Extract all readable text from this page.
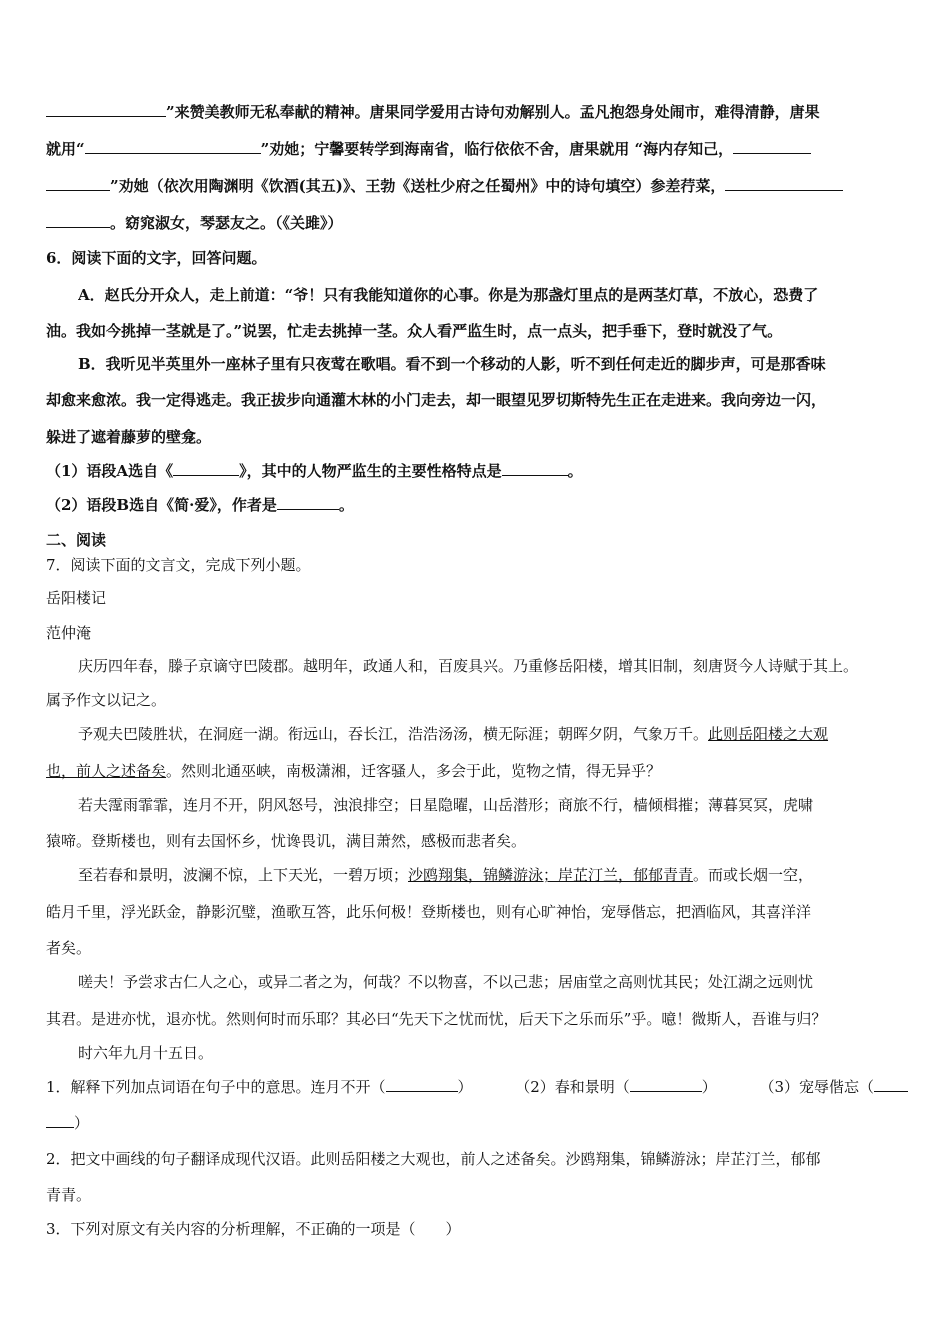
”来赞美教师无私奉献的精神。唐果同学爱用古诗句劝解别人。孟凡抱怨身处闹市，难得清静，唐果
就用“	”劝她；宁馨要转学到海南省，临行依依不舍，唐果就用 “海内存知己，
”劝她（依次用陶渊明《饮酒(其五)》、王勃《送杜少府之任蜀州》中的诗句填空）参差荇菜，
。窈窕淑女，琴瑟友之。（《关雎》）
6．阅读下面的文字，回答问题。
A．赵氏分开众人，走上前道：“爷！只有我能知道你的心事。你是为那盏灯里点的是两茎灯草，不放心，恐费了
油。我如今挑掉一茎就是了。”说罢，忙走去挑掉一茎。众人看严监生时，点一点头，把手垂下，登时就没了气。
B．我听见半英里外一座林子里有只夜莺在歌唱。看不到一个移动的人影，听不到任何走近的脚步声，可是那香味
却愈来愈浓。我一定得逃走。我正拔步向通灌木林的小门走去，却一眼望见罗切斯特先生正在走进来。我向旁边一闪，
躲进了遮着藤萝的壁龛。
（1）语段A选自《	》，其中的人物严监生的主要性格特点是	。
（2）语段B选自《简·爱》，作者是	。
二、阅读
7．阅读下面的文言文，完成下列小题。
岳阳楼记
范仲淹
庆历四年春，滕子京谪守巴陵郡。越明年，政通人和，百废具兴。乃重修岳阳楼，增其旧制，刻唐贤今人诗赋于其上。
属予作文以记之。
予观夫巴陵胜状，在洞庭一湖。衔远山，吞长江，浩浩汤汤，横无际涯；朝晖夕阴，气象万千。此则岳阳楼之大观
也，前人之述备矣。然则北通巫峡，南极潇湘，迁客骚人，多会于此，览物之情，得无异乎？
若夫霪雨霏霏，连月不开，阴风怒号，浊浪排空；日星隐曜，山岳潜形；商旅不行，樯倾楫摧；薄暮冥冥，虎啸
猿啼。登斯楼也，则有去国怀乡，忧谗畏讥，满目萧然，感极而悲者矣。
至若春和景明，波澜不惊，上下天光，一碧万顷；沙鸥翔集，锦鳞游泳；岸芷汀兰，郁郁青青。而或长烟一空，
皓月千里，浮光跃金，静影沉璧，渔歌互答，此乐何极！登斯楼也，则有心旷神怡，宠辱偕忘，把酒临风，其喜洋洋
者矣。
嗟夫！予尝求古仁人之心，或异二者之为，何哉？不以物喜，不以己悲；居庙堂之高则忧其民；处江湖之远则忧
其君。是进亦忧，退亦忧。然则何时而乐耶？其必曰“先天下之忧而忧，后天下之乐而乐”乎。噫！微斯人，吾谁与归？
时六年九月十五日。
1．解释下列加点词语在句子中的意思。连月不开（	）	（2）春和景明（	）	（3）宠辱偕忘（
）
2．把文中画线的句子翻译成现代汉语。此则岳阳楼之大观也，前人之述备矣。沙鸥翔集，锦鳞游泳；岸芷汀兰，郁郁
青青。
3．下列对原文有关内容的分析理解，不正确的一项是（　　）
